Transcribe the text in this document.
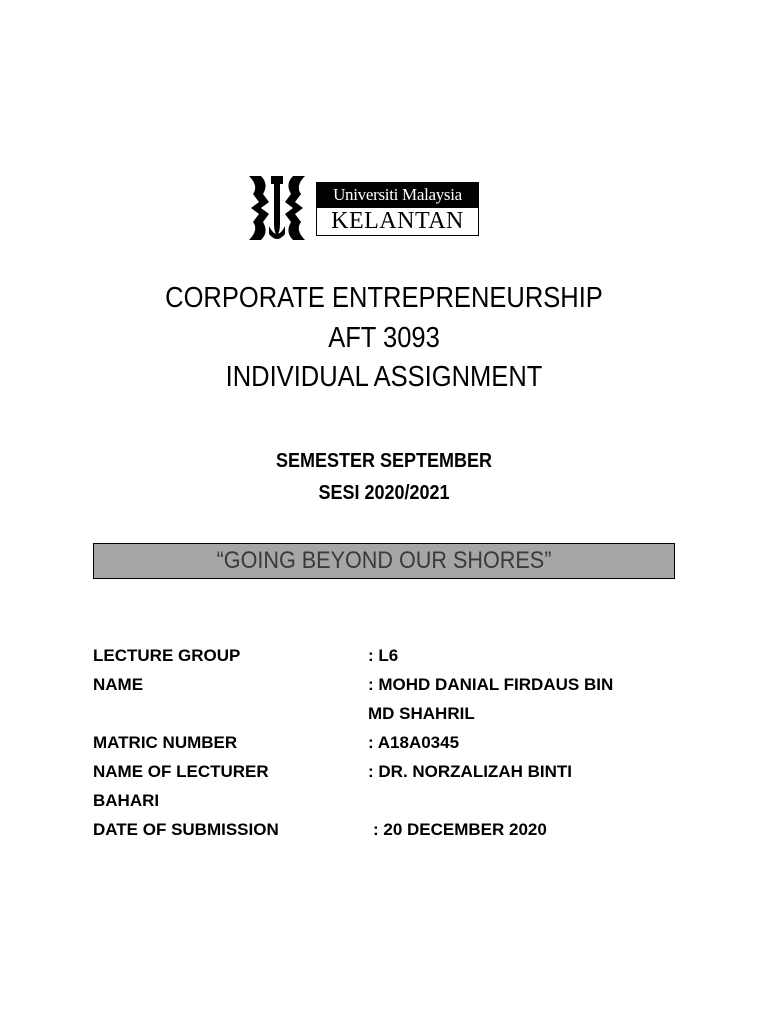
Universiti Malaysia
KELANTAN
CORPORATE ENTREPRENEURSHIP
AFT 3093
INDIVIDUAL ASSIGNMENT
SEMESTER SEPTEMBER
SESI 2020/2021
“GOING BEYOND OUR SHORES”
LECTURE GROUP	: L6
NAME	: MOHD DANIAL FIRDAUS BIN
MD SHAHRIL
MATRIC NUMBER	: A18A0345
NAME OF LECTURER	: DR. NORZALIZAH BINTI
BAHARI
DATE OF SUBMISSION	: 20 DECEMBER 2020
